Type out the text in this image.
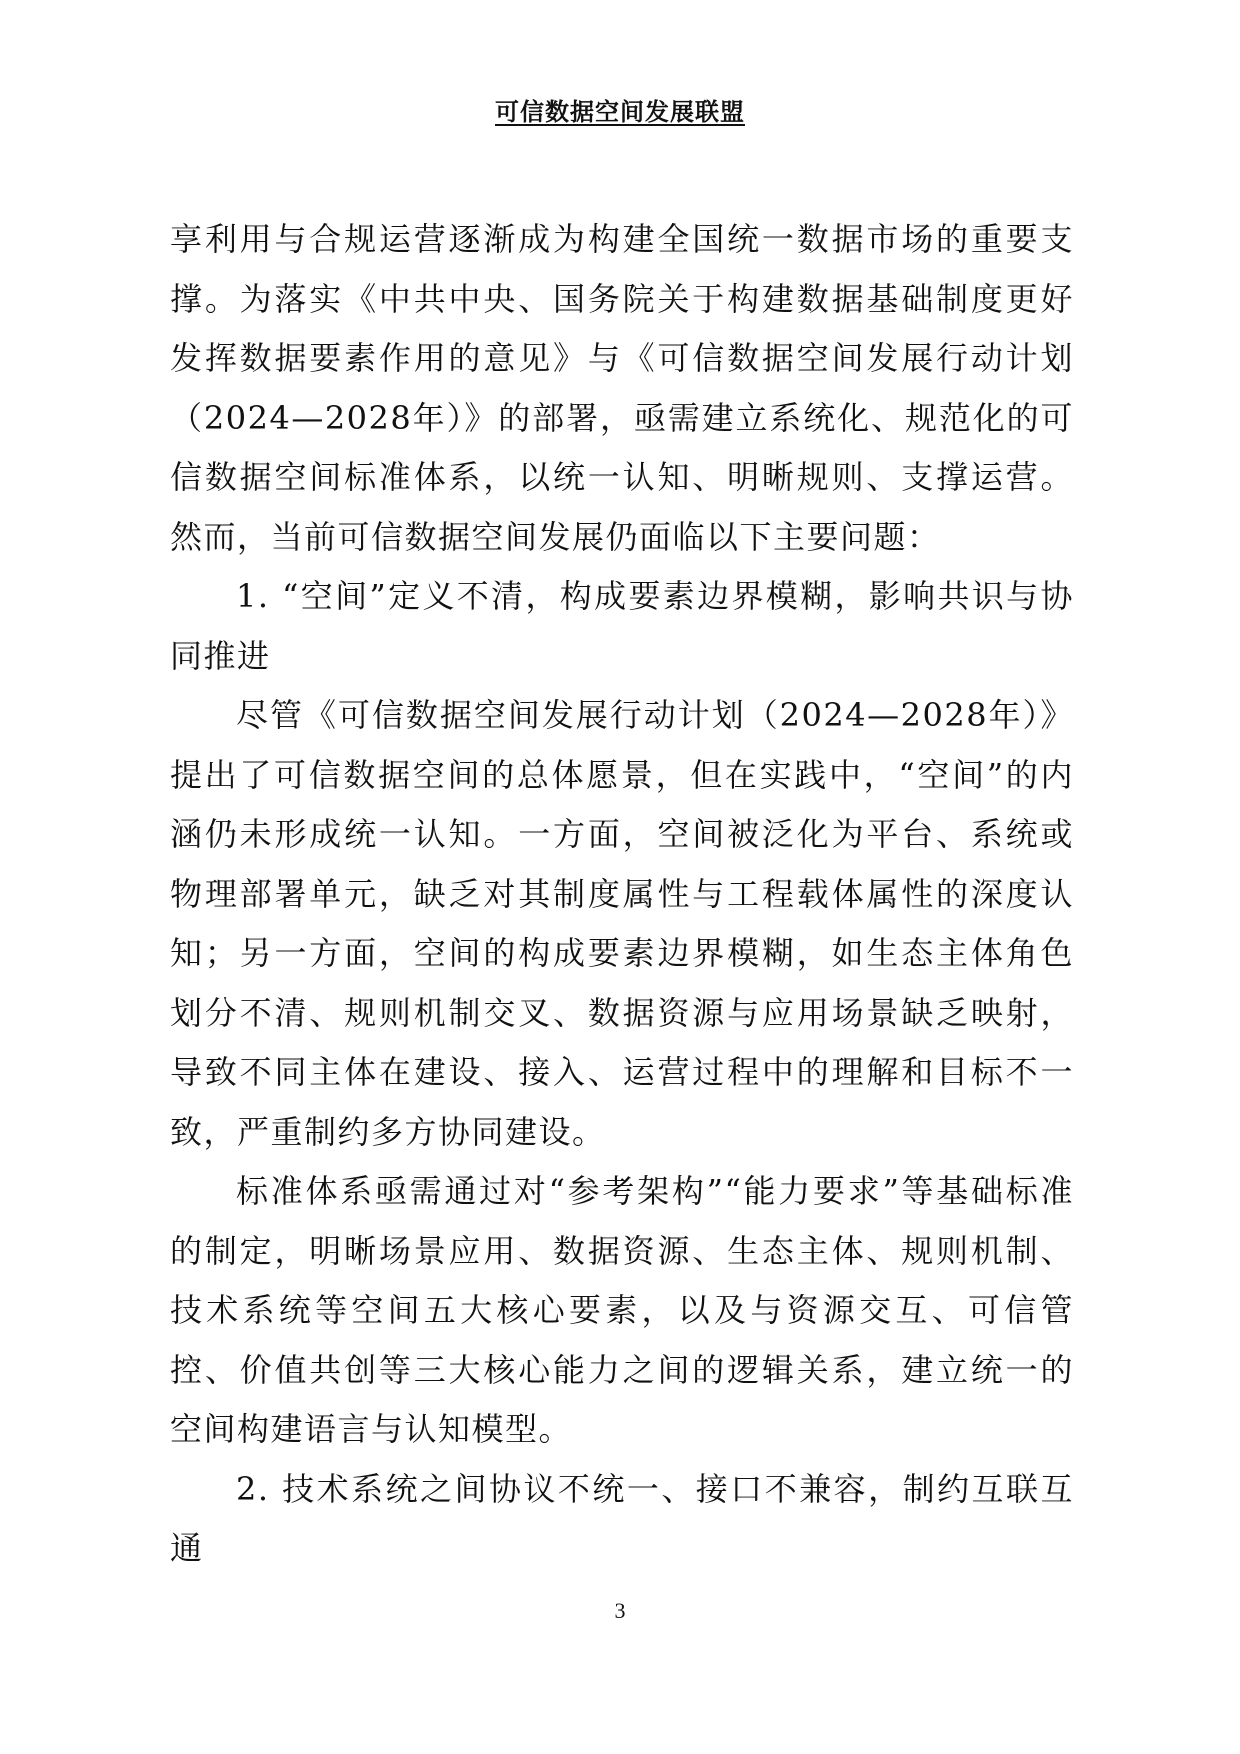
可信数据空间发展联盟

享利用与合规运营逐渐成为构建全国统一数据市场的重要支撑。为落实《中共中央、国务院关于构建数据基础制度更好发挥数据要素作用的意见》与《可信数据空间发展行动计划（2024—2028年）》的部署，亟需建立系统化、规范化的可信数据空间标准体系，以统一认知、明晰规则、支撑运营。然而，当前可信数据空间发展仍面临以下主要问题：

1. “空间”定义不清，构成要素边界模糊，影响共识与协同推进

尽管《可信数据空间发展行动计划（2024—2028年）》提出了可信数据空间的总体愿景，但在实践中，“空间”的内涵仍未形成统一认知。一方面，空间被泛化为平台、系统或物理部署单元，缺乏对其制度属性与工程载体属性的深度认知；另一方面，空间的构成要素边界模糊，如生态主体角色划分不清、规则机制交叉、数据资源与应用场景缺乏映射，导致不同主体在建设、接入、运营过程中的理解和目标不一致，严重制约多方协同建设。

标准体系亟需通过对“参考架构”“能力要求”等基础标准的制定，明晰场景应用、数据资源、生态主体、规则机制、技术系统等空间五大核心要素，以及与资源交互、可信管控、价值共创等三大核心能力之间的逻辑关系，建立统一的空间构建语言与认知模型。

2. 技术系统之间协议不统一、接口不兼容，制约互联互通

3
